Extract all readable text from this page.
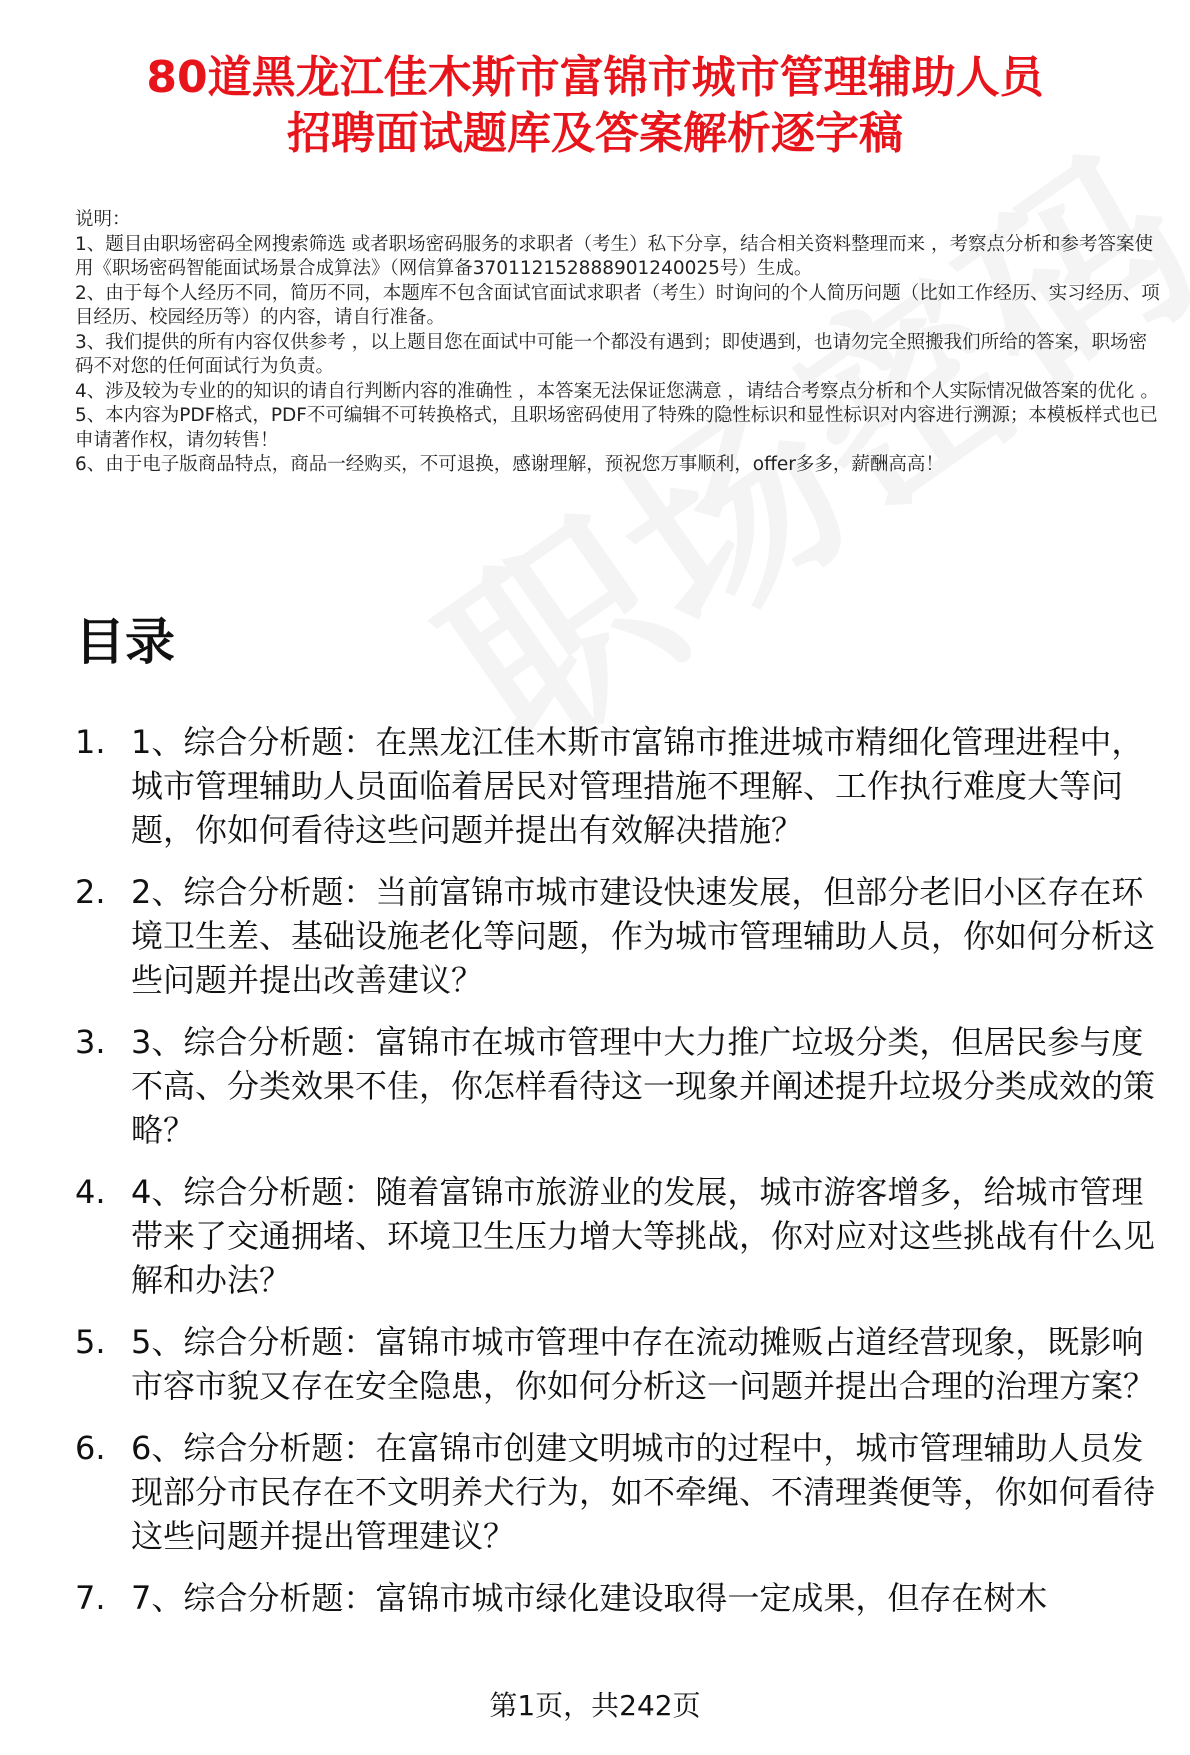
80道黑龙江佳木斯市富锦市城市管理辅助人员
招聘面试题库及答案解析逐字稿

说明：

1、题目由职场密码全网搜索筛选 或者职场密码服务的求职者（考生）私下分享，结合相关资料整理而来 ，考察点分析和参考答案使用《职场密码智能面试场景合成算法》（网信算备370112152888901240025号）生成。

2、由于每个人经历不同，简历不同，本题库不包含面试官面试求职者（考生）时询问的个人简历问题（比如工作经历、实习经历、项目经历、校园经历等）的内容，请自行准备。

3、我们提供的所有内容仅供参考 ，以上题目您在面试中可能一个都没有遇到；即使遇到，也请勿完全照搬我们所给的答案，职场密码不对您的任何面试行为负责。

4、涉及较为专业的的知识的请自行判断内容的准确性 ，本答案无法保证您满意 ，请结合考察点分析和个人实际情况做答案的优化 。

5、本内容为PDF格式，PDF不可编辑不可转换格式，且职场密码使用了特殊的隐性标识和显性标识对内容进行溯源；本模板样式也已申请著作权，请勿转售！

6、由于电子版商品特点，商品一经购买，不可退换，感谢理解，预祝您万事顺利，offer多多，薪酬高高！

目录
1. 1、综合分析题：在黑龙江佳木斯市富锦市推进城市精细化管理进程中，城市管理辅助人员面临着居民对管理措施不理解、工作执行难度大等问题，你如何看待这些问题并提出有效解决措施？
2. 2、综合分析题：当前富锦市城市建设快速发展，但部分老旧小区存在环境卫生差、基础设施老化等问题，作为城市管理辅助人员，你如何分析这些问题并提出改善建议？
3. 3、综合分析题：富锦市在城市管理中大力推广垃圾分类，但居民参与度不高、分类效果不佳，你怎样看待这一现象并阐述提升垃圾分类成效的策略？
4. 4、综合分析题：随着富锦市旅游业的发展，城市游客增多，给城市管理带来了交通拥堵、环境卫生压力增大等挑战，你对应对这些挑战有什么见解和办法？
5. 5、综合分析题：富锦市城市管理中存在流动摊贩占道经营现象，既影响市容市貌又存在安全隐患，你如何分析这一问题并提出合理的治理方案？
6. 6、综合分析题：在富锦市创建文明城市的过程中，城市管理辅助人员发现部分市民存在不文明养犬行为，如不牵绳、不清理粪便等，你如何看待这些问题并提出管理建议？
7. 7、综合分析题：富锦市城市绿化建设取得一定成果，但存在树木
第1页，共242页
